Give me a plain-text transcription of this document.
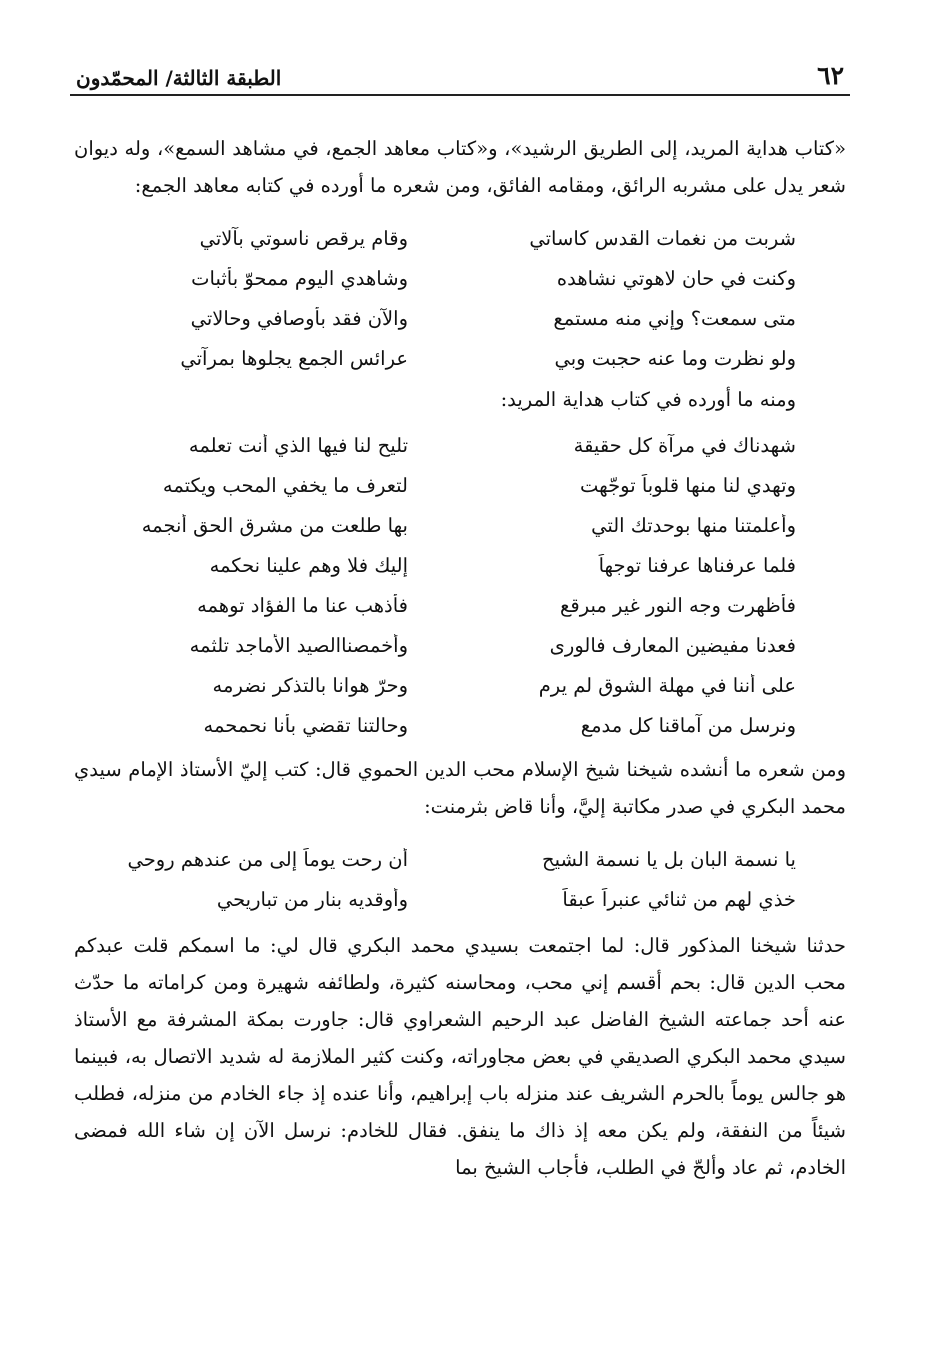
٦٢
الطبقة الثالثة/ المحمّدون

«كتاب هداية المريد، إلى الطريق الرشيد»، و«كتاب معاهد الجمع، في مشاهد السمع»، وله ديوان شعر يدل على مشربه الرائق، ومقامه الفائق، ومن شعره ما أورده في كتابه معاهد الجمع:

شربت من نغمات القدس كاساتي
وقام يرقص ناسوتي بآلاتي
وكنت في حان لاهوتي نشاهده
وشاهدي اليوم ممحوّ بأثبات
متى سمعت؟ وإني منه مستمع
والآن فقد بأوصافي وحالاتي
ولو نظرت وما عنه حجبت وبي
عرائس الجمع يجلوها بمرآتي
ومنه ما أورده في كتاب هداية المريد:
شهدناك في مرآة كل حقيقة
تليح لنا فيها الذي أنت تعلمه
وتهدي لنا منها قلوباً توجّهت
لتعرف ما يخفي المحب ويكتمه
وأعلمتنا منها بوحدتك التي
بها طلعت من مشرق الحق أنجمه
فلما عرفناها عرفنا توجهاً
إليك فلا وهم علينا نحكمه
فأظهرت وجه النور غير مبرقع
فأذهب عنا ما الفؤاد توهمه
فعدنا مفيضين المعارف فالورى
وأخمصناالصيد الأماجد تلثمه
على أننا في مهلة الشوق لم يرم
وحرّ هوانا بالتذكر نضرمه
ونرسل من آماقنا كل مدمع
وحالتنا تقضي بأنا نحمحمه

ومن شعره ما أنشده شيخنا شيخ الإسلام محب الدين الحموي قال: كتب إليّ الأستاذ الإمام سيدي محمد البكري في صدر مكاتبة إليَّ، وأنا قاض بثرمنت:

يا نسمة البان بل يا نسمة الشيح
أن رحت يوماً إلى من عندهم روحي
خذي لهم من ثنائي عنبراً عبقاً
وأوقديه بنار من تباريحي

حدثنا شيخنا المذكور قال: لما اجتمعت بسيدي محمد البكري قال لي: ما اسمكم قلت عبدكم محب الدين قال: بحم أقسم إني محب، ومحاسنه كثيرة، ولطائفه شهيرة ومن كراماته ما حدّث عنه أحد جماعته الشيخ الفاضل عبد الرحيم الشعراوي قال: جاورت بمكة المشرفة مع الأستاذ سيدي محمد البكري الصديقي في بعض مجاوراته، وكنت كثير الملازمة له شديد الاتصال به، فبينما هو جالس يوماً بالحرم الشريف عند منزله باب إبراهيم، وأنا عنده إذ جاء الخادم من منزله، فطلب شيئاً من النفقة، ولم يكن معه إذ ذاك ما ينفق. فقال للخادم: نرسل الآن إن شاء الله فمضى الخادم، ثم عاد وألحّ في الطلب، فأجاب الشيخ بما
